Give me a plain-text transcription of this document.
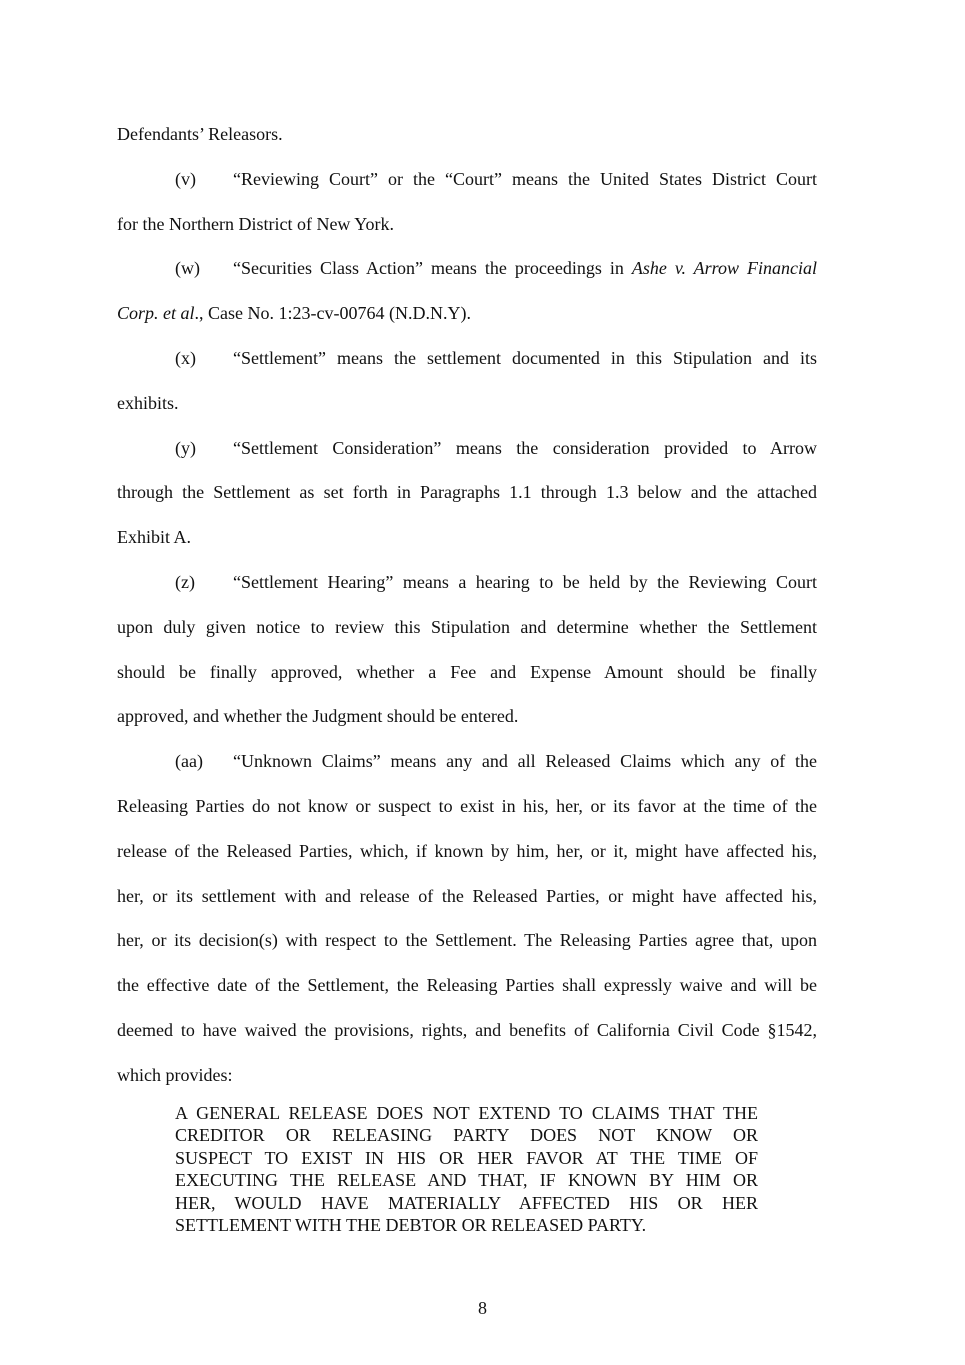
Defendants’ Releasors.
(v) “Reviewing Court” or the “Court” means the United States District Court
for the Northern District of New York.
(w) “Securities Class Action” means the proceedings in Ashe v. Arrow Financial
Corp. et al., Case No. 1:23-cv-00764 (N.D.N.Y).
(x) “Settlement” means the settlement documented in this Stipulation and its
exhibits.
(y) “Settlement Consideration” means the consideration provided to Arrow
through the Settlement as set forth in Paragraphs 1.1 through 1.3 below and the attached
Exhibit A.
(z) “Settlement Hearing” means a hearing to be held by the Reviewing Court
upon duly given notice to review this Stipulation and determine whether the Settlement
should be finally approved, whether a Fee and Expense Amount should be finally
approved, and whether the Judgment should be entered.
(aa) “Unknown Claims” means any and all Released Claims which any of the
Releasing Parties do not know or suspect to exist in his, her, or its favor at the time of the
release of the Released Parties, which, if known by him, her, or it, might have affected his,
her, or its settlement with and release of the Released Parties, or might have affected his,
her, or its decision(s) with respect to the Settlement. The Releasing Parties agree that, upon
the effective date of the Settlement, the Releasing Parties shall expressly waive and will be
deemed to have waived the provisions, rights, and benefits of California Civil Code §1542,
which provides:
A GENERAL RELEASE DOES NOT EXTEND TO CLAIMS THAT THE
CREDITOR OR RELEASING PARTY DOES NOT KNOW OR
SUSPECT TO EXIST IN HIS OR HER FAVOR AT THE TIME OF
EXECUTING THE RELEASE AND THAT, IF KNOWN BY HIM OR
HER, WOULD HAVE MATERIALLY AFFECTED HIS OR HER
SETTLEMENT WITH THE DEBTOR OR RELEASED PARTY.
8
